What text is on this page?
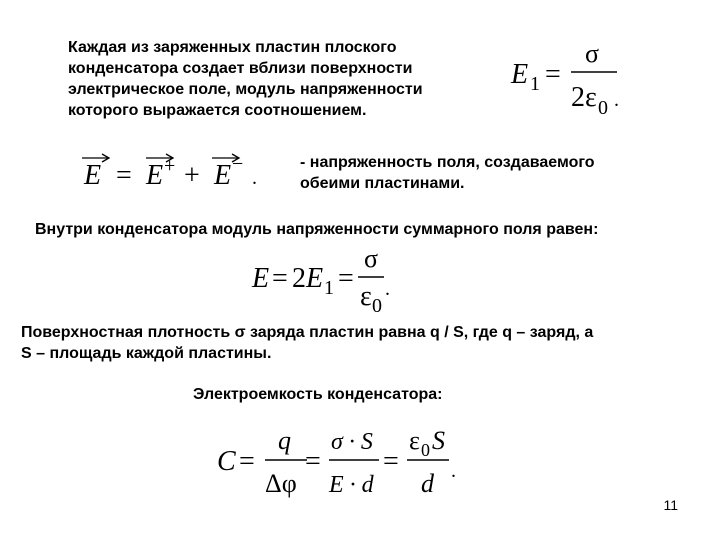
Каждая из заряженных пластин плоского
конденсатора создает вблизи поверхности
электрическое поле, модуль напряженности
которого выражается соотношением.
E 1 =
σ
2ε 0 .
E = E + + E −
.
- напряженность поля, создаваемого
обеими пластинами.
Внутри конденсатора модуль напряженности суммарного поля равен:
E = 2 E 1 =
σ
ε 0
.
Поверхностная плотность σ заряда пластин равна q / S, где q – заряд, а
S – площадь каждой пластины.
Электроемкость конденсатора:
C =
q
Δφ
=
σ · S
E · d
=
ε 0 S
d .
11
